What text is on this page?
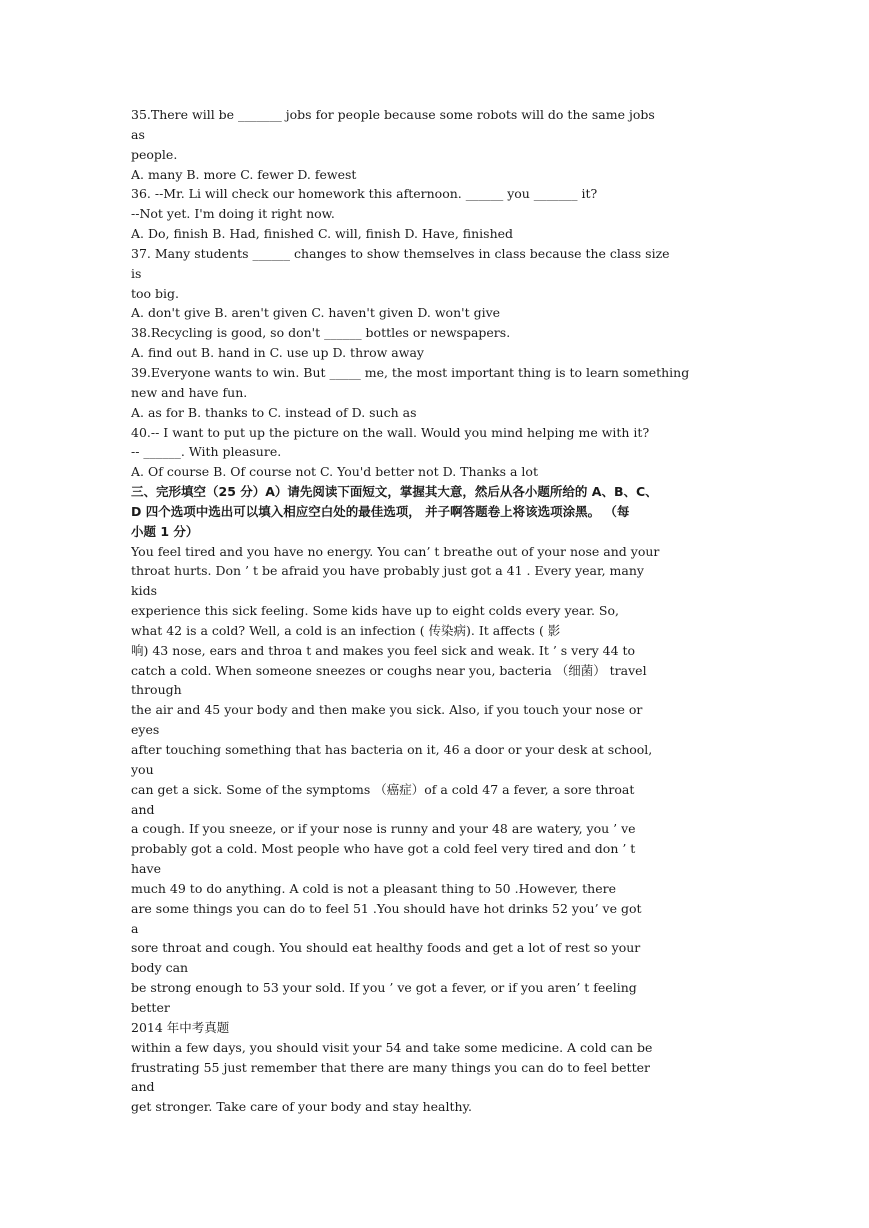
35.There will be _______ jobs for people because some robots will do the same jobs
as
people.
A. many B. more C. fewer D. fewest
36. --Mr. Li will check our homework this afternoon. ______ you _______ it?
--Not yet. I'm doing it right now.
A. Do, finish B. Had, finished C. will, finish D. Have, finished
37. Many students ______ changes to show themselves in class because the class size
is
too big.
A. don't give B. aren't given C. haven't given D. won't give
38.Recycling is good, so don't ______ bottles or newspapers.
A. find out B. hand in C. use up D. throw away
39.Everyone wants to win. But _____ me, the most important thing is to learn something
new and have fun.
A. as for B. thanks to C. instead of D. such as
40.-- I want to put up the picture on the wall. Would you mind helping me with it?
-- ______. With pleasure.
A. Of course B. Of course not C. You'd better not D. Thanks a lot
三、完形填空（25 分）A）请先阅读下面短文，掌握其大意，然后从各小题所给的 A、B、C、
D 四个选项中选出可以填入相应空白处的最佳选项， 并子啊答题卷上将该选项涂黑。 （每
小题 1 分）
You feel tired and you have no energy. You can’ t breathe out of your nose and your
throat hurts. Don ’ t be afraid you have probably just got a 41 . Every year, many
kids
experience this sick feeling. Some kids have up to eight colds every year. So,
what 42 is a cold? Well, a cold is an infection ( 传染病). It affects ( 影
响) 43 nose, ears and throa t and makes you feel sick and weak. It ’ s very 44 to
catch a cold. When someone sneezes or coughs near you, bacteria （细菌） travel
through
the air and 45 your body and then make you sick. Also, if you touch your nose or
eyes
after touching something that has bacteria on it, 46 a door or your desk at school,
you
can get a sick. Some of the symptoms （癌症）of a cold 47 a fever, a sore throat
and
a cough. If you sneeze, or if your nose is runny and your 48 are watery, you ’ ve
probably got a cold. Most people who have got a cold feel very tired and don ’ t
have
much 49 to do anything. A cold is not a pleasant thing to 50 .However, there
are some things you can do to feel 51 .You should have hot drinks 52 you’ ve got
a
sore throat and cough. You should eat healthy foods and get a lot of rest so your
body can
be strong enough to 53 your sold. If you ’ ve got a fever, or if you aren’ t feeling
better
2014 年中考真题
within a few days, you should visit your 54 and take some medicine. A cold can be
frustrating 55 just remember that there are many things you can do to feel better
and
get stronger. Take care of your body and stay healthy.
